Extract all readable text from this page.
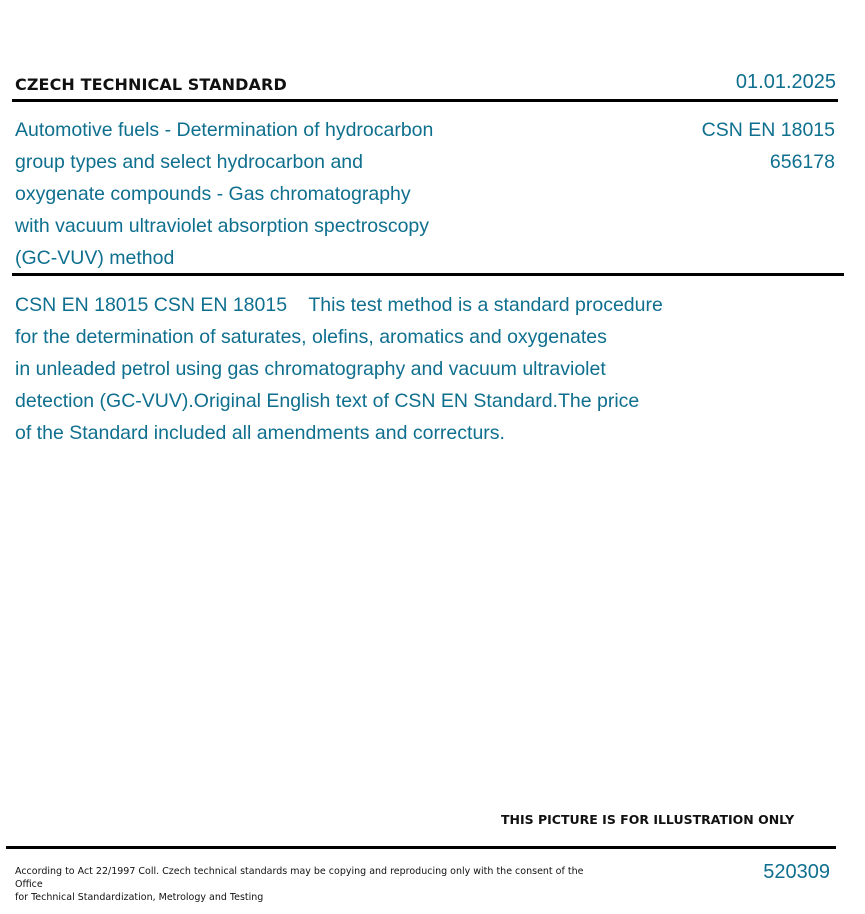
CZECH TECHNICAL STANDARD	01.01.2025
Automotive fuels - Determination of hydrocarbon
group types and select hydrocarbon and
oxygenate compounds - Gas chromatography
with vacuum ultraviolet absorption spectroscopy
(GC-VUV) method
CSN EN 18015
656178
CSN EN 18015 CSN EN 18015    This test method is a standard procedure
for the determination of saturates, olefins, aromatics and oxygenates
in unleaded petrol using gas chromatography and vacuum ultraviolet
detection (GC-VUV).Original English text of CSN EN Standard.The price
of the Standard included all amendments and correcturs.
THIS PICTURE IS FOR ILLUSTRATION ONLY
According to Act 22/1997 Coll. Czech technical standards may be copying and reproducing only with the consent of the Office
for Technical Standardization, Metrology and Testing
520309
